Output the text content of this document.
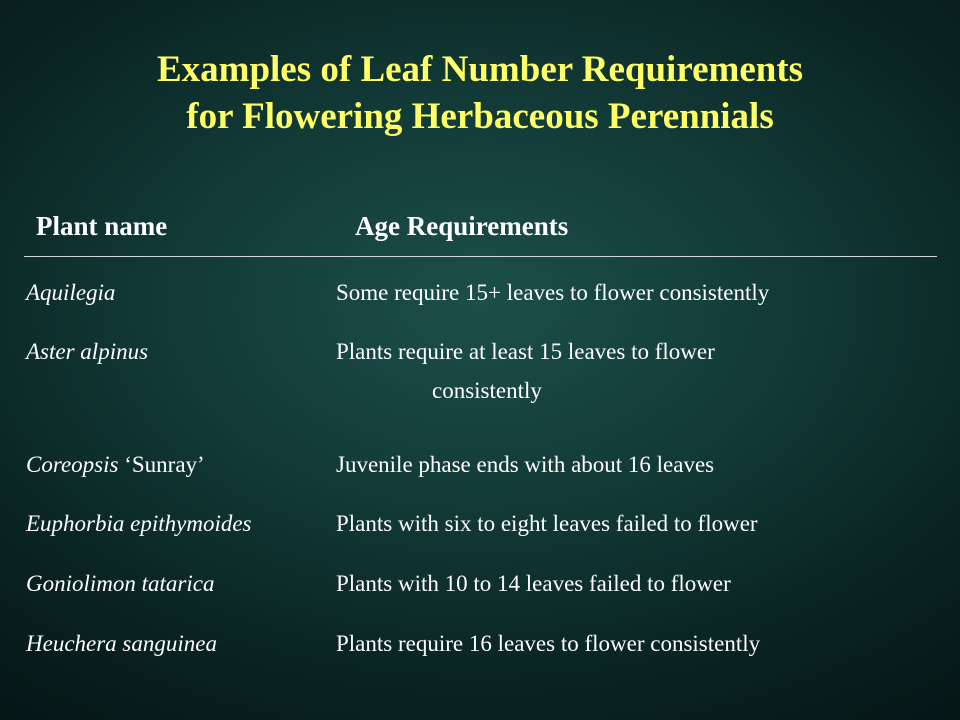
Examples of Leaf Number Requirements
for Flowering Herbaceous Perennials
Plant name	Age Requirements
Aquilegia	Some require 15+ leaves to flower consistently
Aster alpinus	Plants require at least 15 leaves to flower
consistently
Coreopsis ‘Sunray’	Juvenile phase ends with about 16 leaves
Euphorbia epithymoides	Plants with six to eight leaves failed to flower
Goniolimon tatarica	Plants with 10 to 14 leaves failed to flower
Heuchera sanguinea	Plants require 16 leaves to flower consistently
